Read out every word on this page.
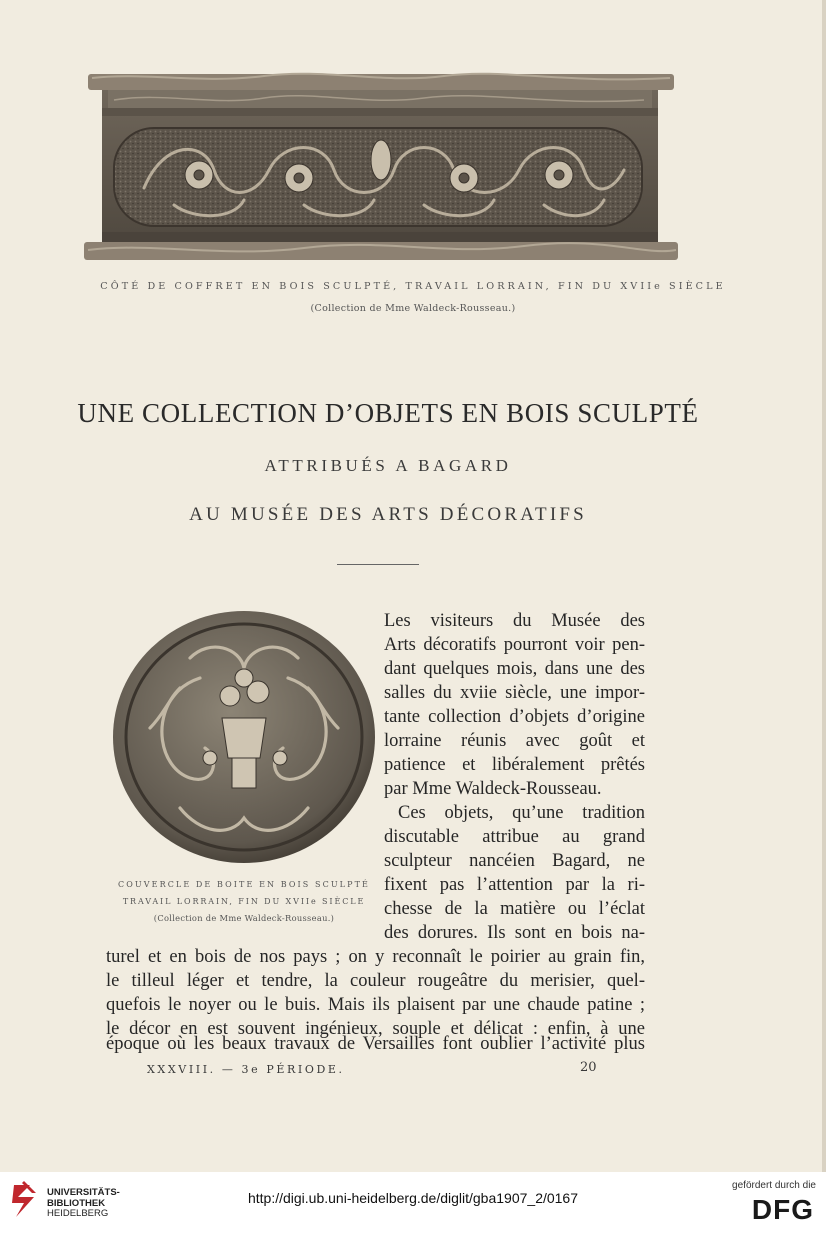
CÔTÉ DE COFFRET EN BOIS SCULPTÉ, TRAVAIL LORRAIN, FIN DU XVIIe SIÈCLE
(Collection de Mme Waldeck-Rousseau.)
UNE COLLECTION D’OBJETS EN BOIS SCULPTÉ
ATTRIBUÉS A BAGARD
AU MUSÉE DES ARTS DÉCORATIFS
COUVERCLE DE BOITE EN BOIS SCULPTÉ
TRAVAIL LORRAIN, FIN DU XVIIe SIÈCLE
(Collection de Mme Waldeck-Rousseau.)
Les visiteurs du Musée des
Arts décoratifs pourront voir pen-
dant quelques mois, dans une des
salles du xviie siècle, une impor-
tante collection d’objets d’origine
lorraine réunis avec goût et
patience et libéralement prêtés
par Mme Waldeck-Rousseau.
Ces objets, qu’une tradition
discutable attribue au grand
sculpteur nancéien Bagard, ne
fixent pas l’attention par la ri-
chesse de la matière ou l’éclat
des dorures. Ils sont en bois na-
turel et en bois de nos pays ; on y reconnaît le poirier au grain fin,
le tilleul léger et tendre, la couleur rougeâtre du merisier, quel-
quefois le noyer ou le buis. Mais ils plaisent par une chaude patine ;
le décor en est souvent ingénieux, souple et délicat : enfin, à une
époque où les beaux travaux de Versailles font oublier l’activité plus
XXXVIII. — 3e PÉRIODE.	20
UNIVERSITÄTS-
BIBLIOTHEK
HEIDELBERG
http://digi.ub.uni-heidelberg.de/diglit/gba1907_2/0167
gefördert durch die
DFG
